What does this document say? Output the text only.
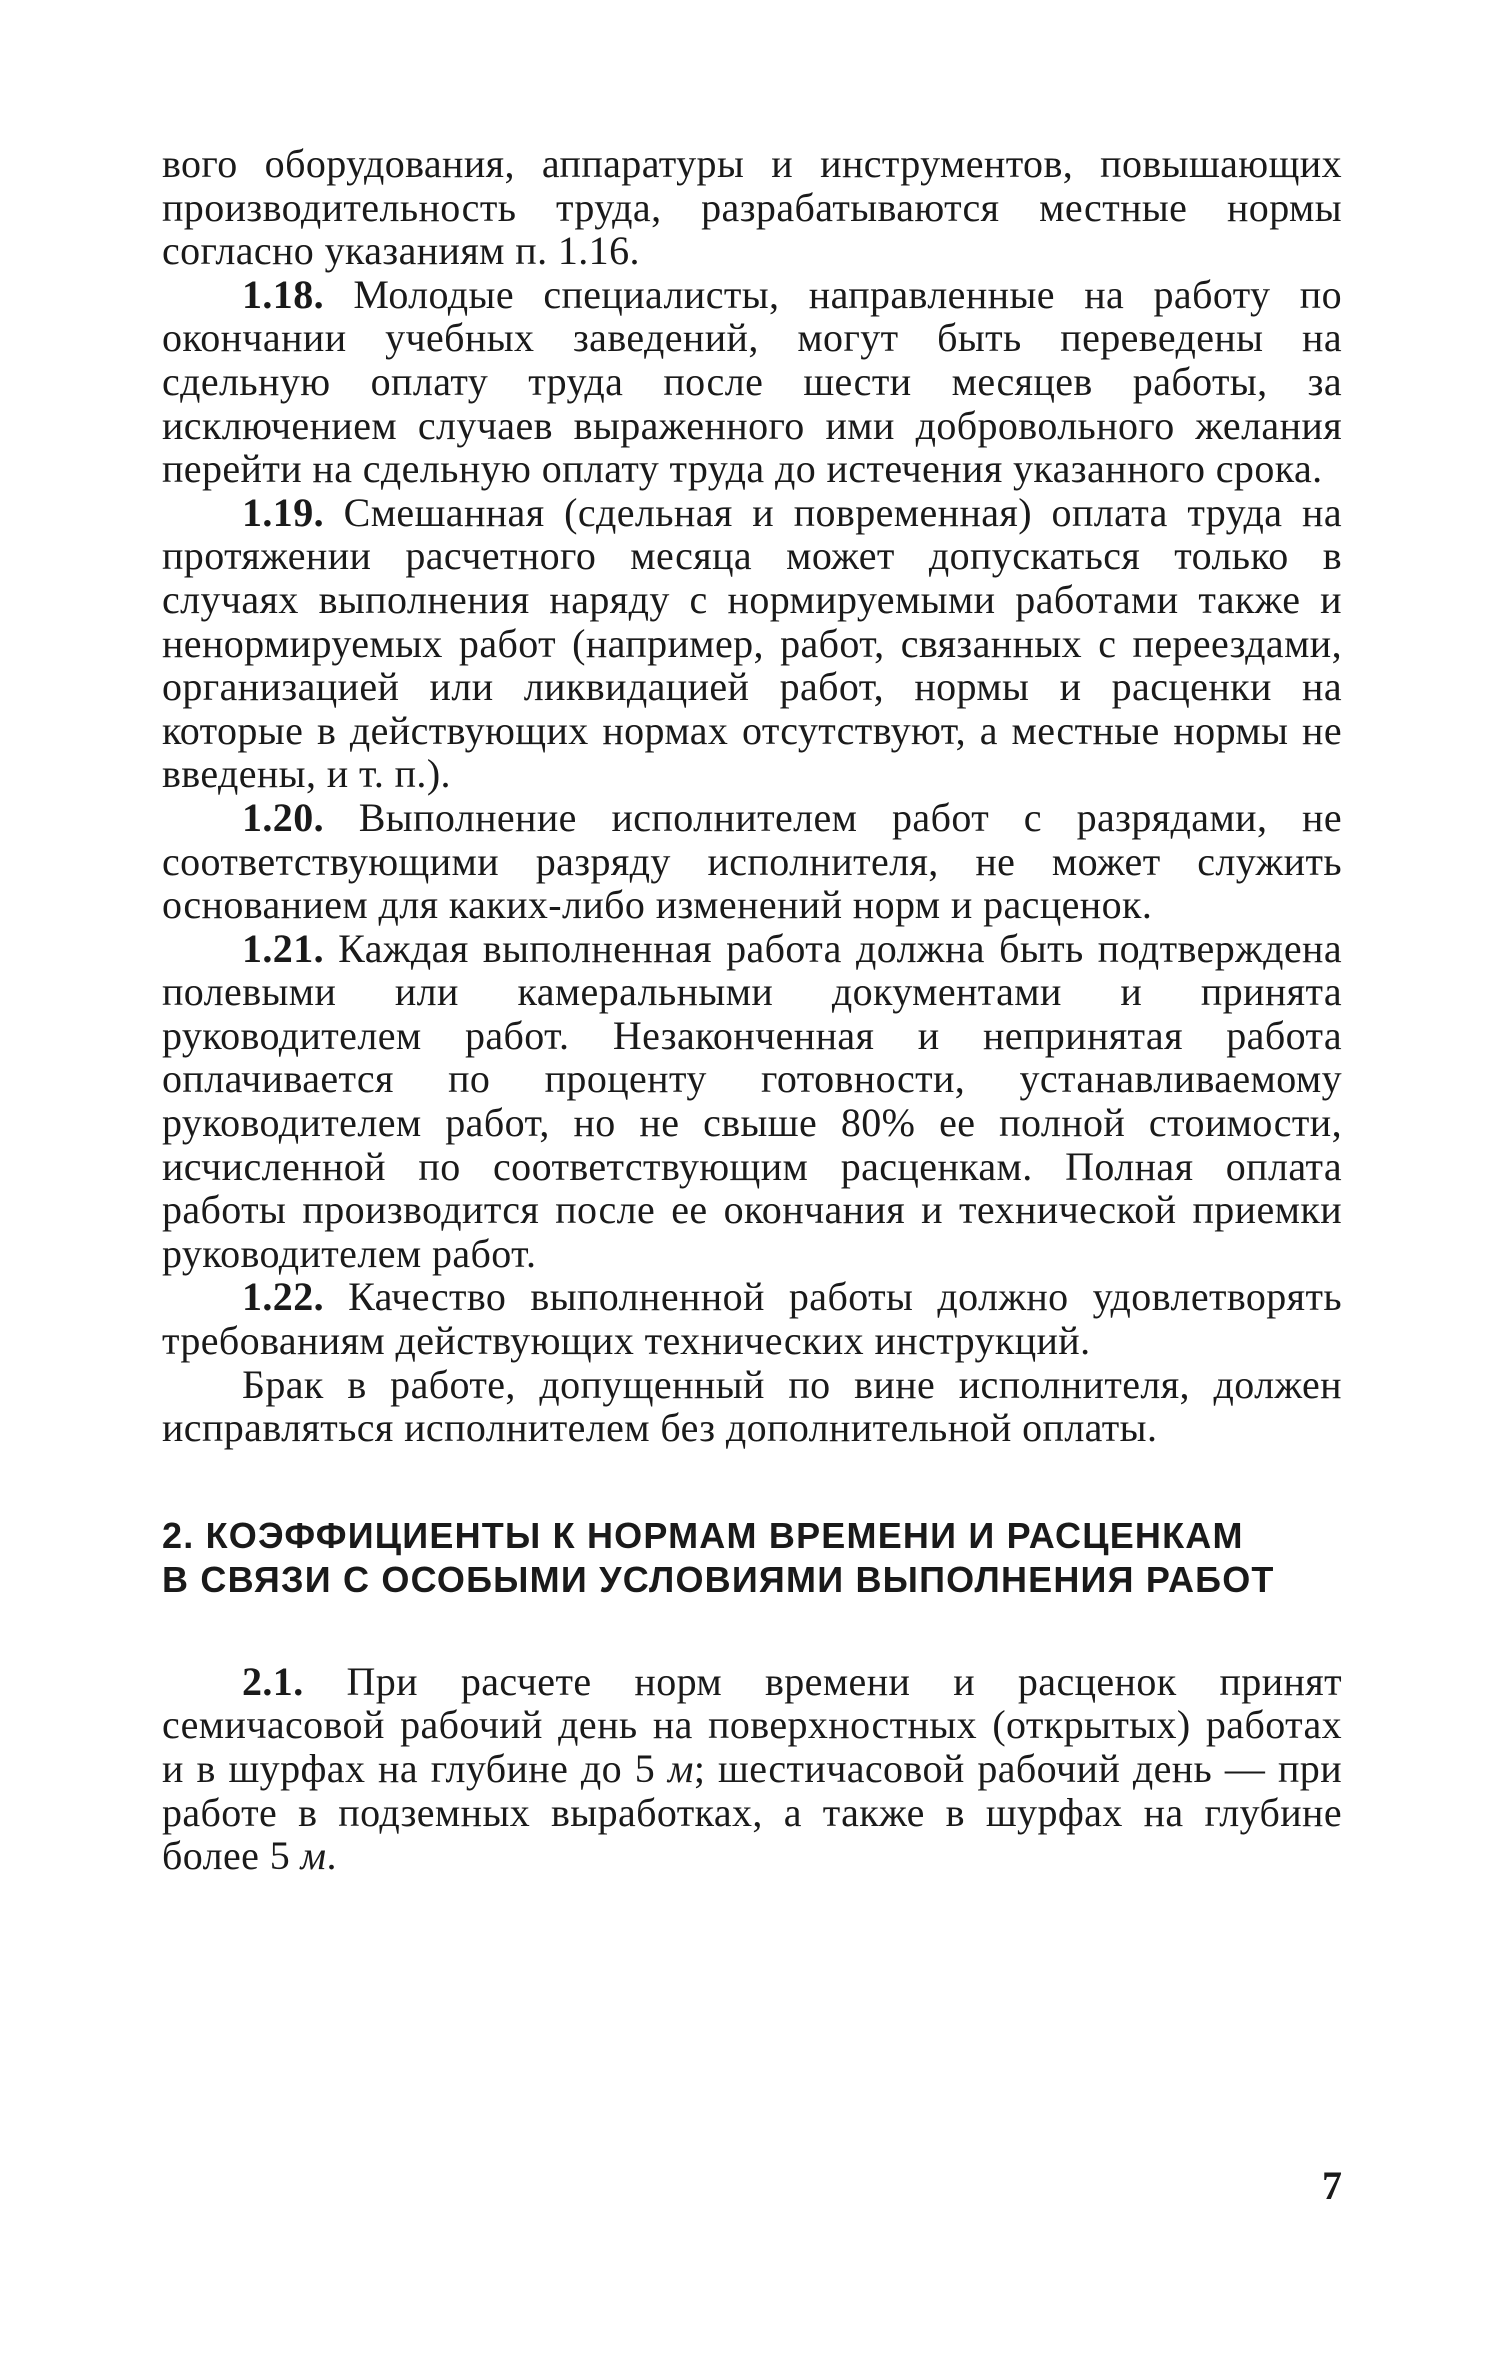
вого оборудования, аппаратуры и инструментов, повышающих производительность труда, разрабатываются местные нормы согласно указаниям п. 1.16.

1.18. Молодые специалисты, направленные на работу по окончании учебных заведений, могут быть переведены на сдельную оплату труда после шести месяцев работы, за исключением случаев выраженного ими добровольного желания перейти на сдельную оплату труда до истечения указанного срока.

1.19. Смешанная (сдельная и повременная) оплата труда на протяжении расчетного месяца может допускаться только в случаях выполнения наряду с нормируемыми работами также и ненормируемых работ (например, работ, связанных с переездами, организацией или ликвидацией работ, нормы и расценки на которые в действующих нормах отсутствуют, а местные нормы не введены, и т. п.).

1.20. Выполнение исполнителем работ с разрядами, не соответствующими разряду исполнителя, не может служить основанием для каких-либо изменений норм и расценок.

1.21. Каждая выполненная работа должна быть подтверждена полевыми или камеральными документами и принята руководителем работ. Незаконченная и непринятая работа оплачивается по проценту готовности, устанавливаемому руководителем работ, но не свыше 80% ее полной стоимости, исчисленной по соответствующим расценкам. Полная оплата работы производится после ее окончания и технической приемки руководителем работ.

1.22. Качество выполненной работы должно удовлетворять требованиям действующих технических инструкций.

Брак в работе, допущенный по вине исполнителя, должен исправляться исполнителем без дополнительной оплаты.

2. КОЭФФИЦИЕНТЫ К НОРМАМ ВРЕМЕНИ И РАСЦЕНКАМ
В СВЯЗИ С ОСОБЫМИ УСЛОВИЯМИ ВЫПОЛНЕНИЯ РАБОТ

2.1. При расчете норм времени и расценок принят семичасовой рабочий день на поверхностных (открытых) работах и в шурфах на глубине до 5 м; шестичасовой рабочий день — при работе в подземных выработках, а также в шурфах на глубине более 5 м.

7
